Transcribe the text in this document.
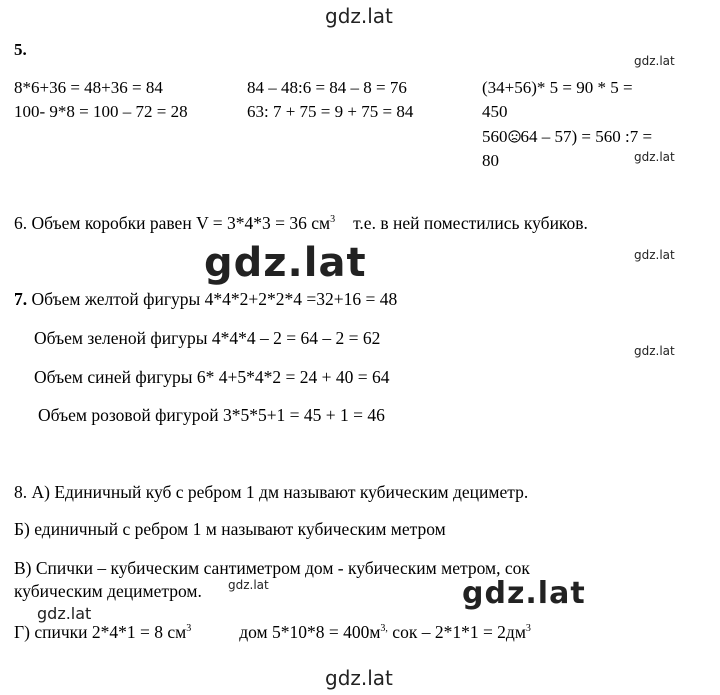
gdz.lat
gdz.lat
gdz.lat
gdz.lat
gdz.lat
gdz.lat
gdz.lat
gdz.lat
gdz.lat
gdz.lat
5.
8*6+36 = 48+36 = 84
100- 9*8 = 100 – 72 = 28
84 – 48:6 = 84 – 8 = 76
63: 7 + 75 = 9 + 75 = 84
(34+56)* 5 = 90 * 5 =
450
560 64 – 57) = 560 :7 =
80
6. Объем коробки равен V = 3*4*3 = 36 $см^3$ т.е. в ней поместились кубиков.
7. Объем желтой фигуры 4*4*2+2*2*4 =32+16 = 48
Объем зеленой фигуры 4*4*4 – 2 = 64 – 2 = 62
Объем синей фигуры 6* 4+5*4*2 = 24 + 40 = 64
Объем розовой фигурой 3*5*5+1 = 45 + 1 = 46
8. А) Единичный куб с ребром 1 дм называют кубическим дециметр.
Б) единичный с ребром 1 м называют кубическим метром
В) Спички – кубическим сантиметром дом - кубическим метром, сок
кубическим дециметром.
Г) спички 2*4*1 = 8 $см^3$	дом $5*10*8 = 400м^{3,}$ сок – $2*1*1 = 2дм^3$
